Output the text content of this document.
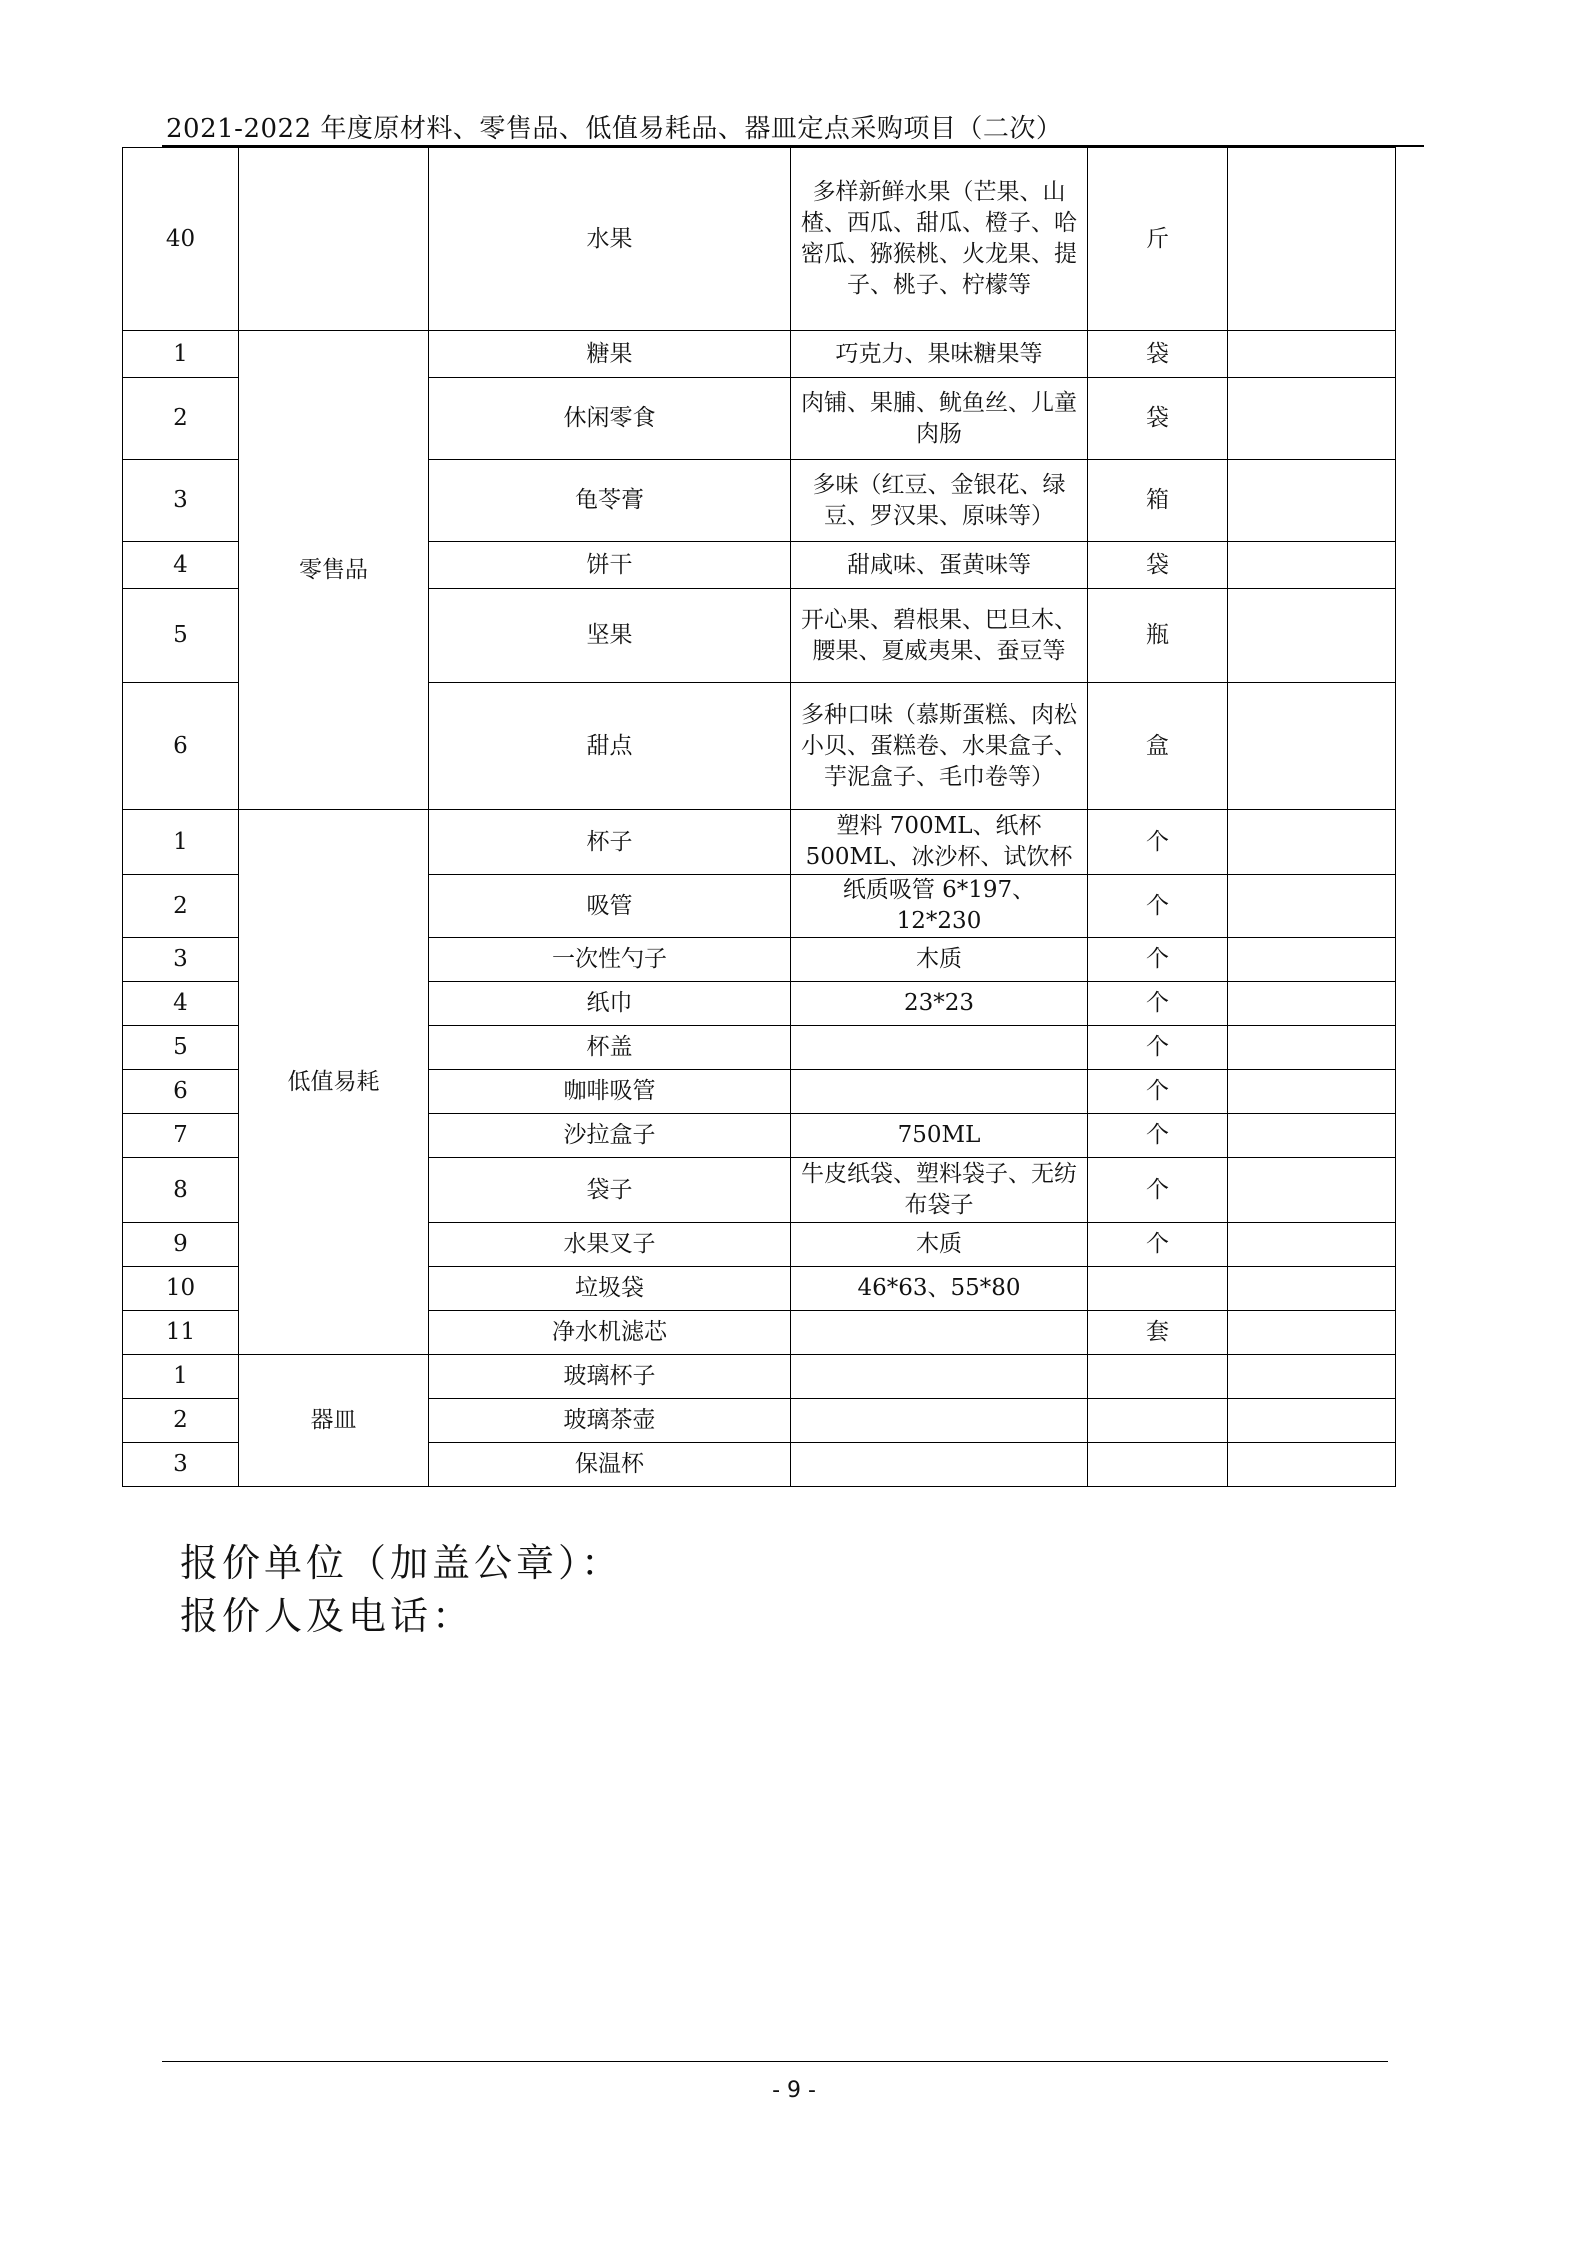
2021-2022 年度原材料、零售品、低值易耗品、器皿定点采购项目（二次）
40		水果	多样新鲜水果（芒果、山楂、西瓜、甜瓜、橙子、哈密瓜、猕猴桃、火龙果、提子、桃子、柠檬等	斤	
1	零售品	糖果	巧克力、果味糖果等	袋	
2		休闲零食	肉铺、果脯、鱿鱼丝、儿童肉肠	袋	
3		龟苓膏	多味（红豆、金银花、绿豆、罗汉果、原味等）	箱	
4		饼干	甜咸味、蛋黄味等	袋	
5		坚果	开心果、碧根果、巴旦木、腰果、夏威夷果、蚕豆等	瓶	
6		甜点	多种口味（慕斯蛋糕、肉松小贝、蛋糕卷、水果盒子、芋泥盒子、毛巾卷等）	盒	
1	低值易耗	杯子	塑料 700ML、纸杯 500ML、冰沙杯、试饮杯	个	
2		吸管	纸质吸管 6*197、12*230	个	
3		一次性勺子	木质	个	
4		纸巾	23*23	个	
5		杯盖		个	
6		咖啡吸管		个	
7		沙拉盒子	750ML	个	
8		袋子	牛皮纸袋、塑料袋子、无纺布袋子	个	
9		水果叉子	木质	个	
10		垃圾袋	46*63、55*80		
11		净水机滤芯		套	
1	器皿	玻璃杯子			
2		玻璃茶壶			
3		保温杯			
报价单位（加盖公章）：
报价人及电话：
- 9 -
